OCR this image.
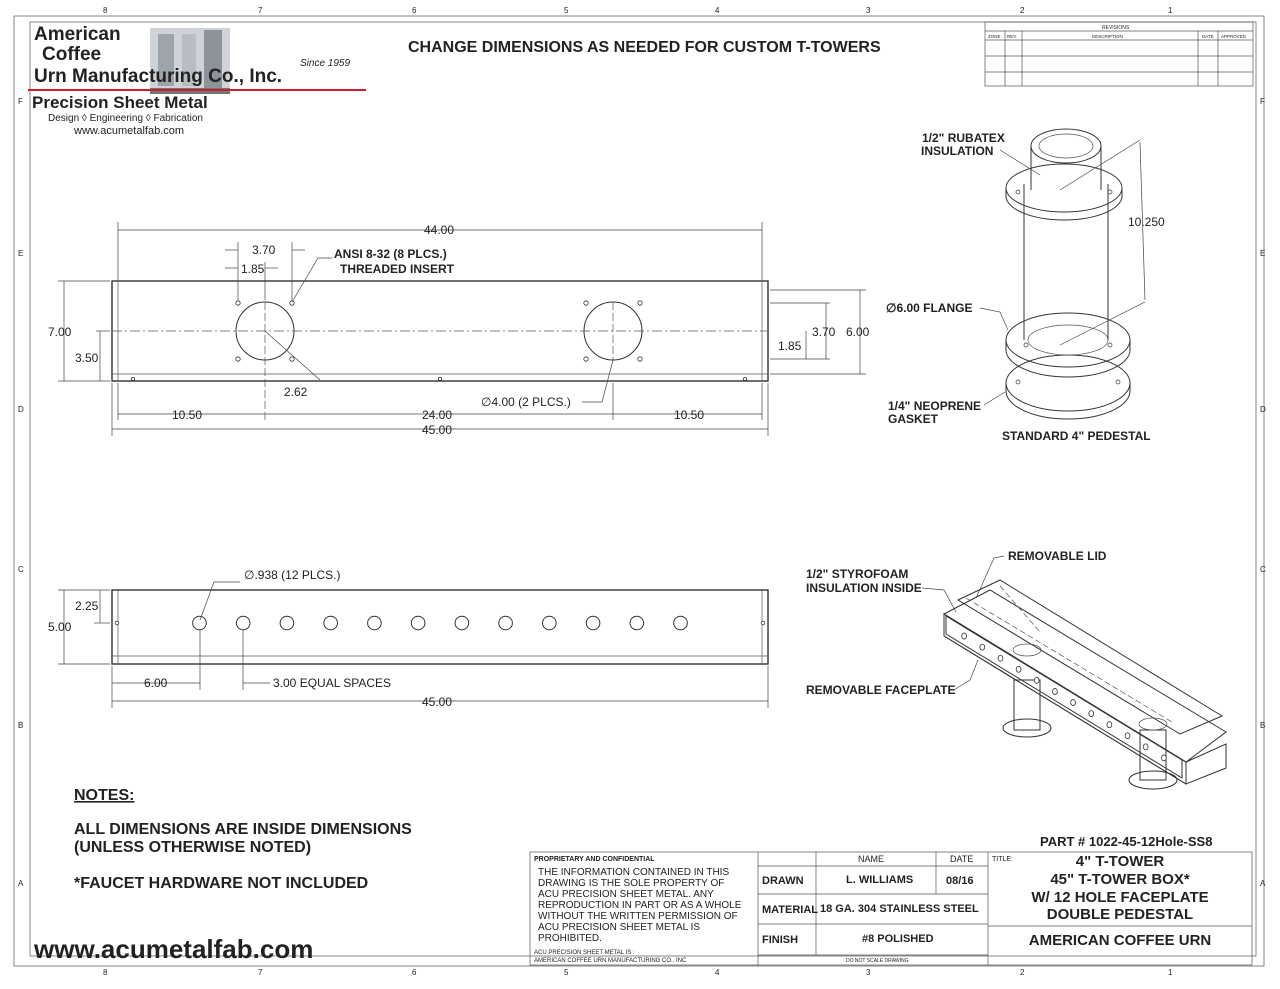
8	7	6	5	4	3	2	1
8	7	6	5	4	3	2	1
F
E
D
C
B
A
F
E
D
C
B
A
American
Coffee
Urn Manufacturing Co., Inc.
Since 1959
Precision Sheet Metal
Design ◊ Engineering ◊ Fabrication
www.acumetalfab.com
CHANGE DIMENSIONS AS NEEDED FOR CUSTOM T-TOWERS
REVISIONS
ZONE REV.	DESCRIPTION	DATE APPROVED
44.00
3.70
1.85
ANSI 8-32 (8 PLCS.)
THREADED INSERT
7.00
3.50
3.70
1.85
6.00
2.62
∅4.00 (2 PLCS.)
10.50	24.00	10.50
45.00
∅.938 (12 PLCS.)
2.25
5.00
6.00	3.00 EQUAL SPACES
45.00
10.250
1/2" RUBATEX
INSULATION
∅6.00 FLANGE
1/4" NEOPRENE
GASKET
STANDARD 4" PEDESTAL
REMOVABLE LID
1/2" STYROFOAM
INSULATION INSIDE
REMOVABLE FACEPLATE
NOTES:
ALL DIMENSIONS ARE INSIDE DIMENSIONS
(UNLESS OTHERWISE NOTED)
*FAUCET HARDWARE NOT INCLUDED
www.acumetalfab.com
PART # 1022-45-12Hole-SS8
PROPRIETARY AND CONFIDENTIAL
THE INFORMATION CONTAINED IN THIS
DRAWING IS THE SOLE PROPERTY OF
ACU PRECISION SHEET METAL. ANY
REPRODUCTION IN PART OR AS A WHOLE
WITHOUT THE WRITTEN PERMISSION OF
ACU PRECISION SHEET METAL IS
PROHIBITED.
ACU PRECISION SHEET METAL IS :
AMERICAN COFFEE URN MANUFACTURING CO., INC
NAME	DATE	TITLE:
DRAWN	L. WILLIAMS	08/16
MATERIAL 18 GA. 304 STAINLESS STEEL
FINISH	#8 POLISHED
DO NOT SCALE DRAWING
4" T-TOWER
45" T-TOWER BOX*
W/ 12 HOLE FACEPLATE
DOUBLE PEDESTAL
AMERICAN COFFEE URN
